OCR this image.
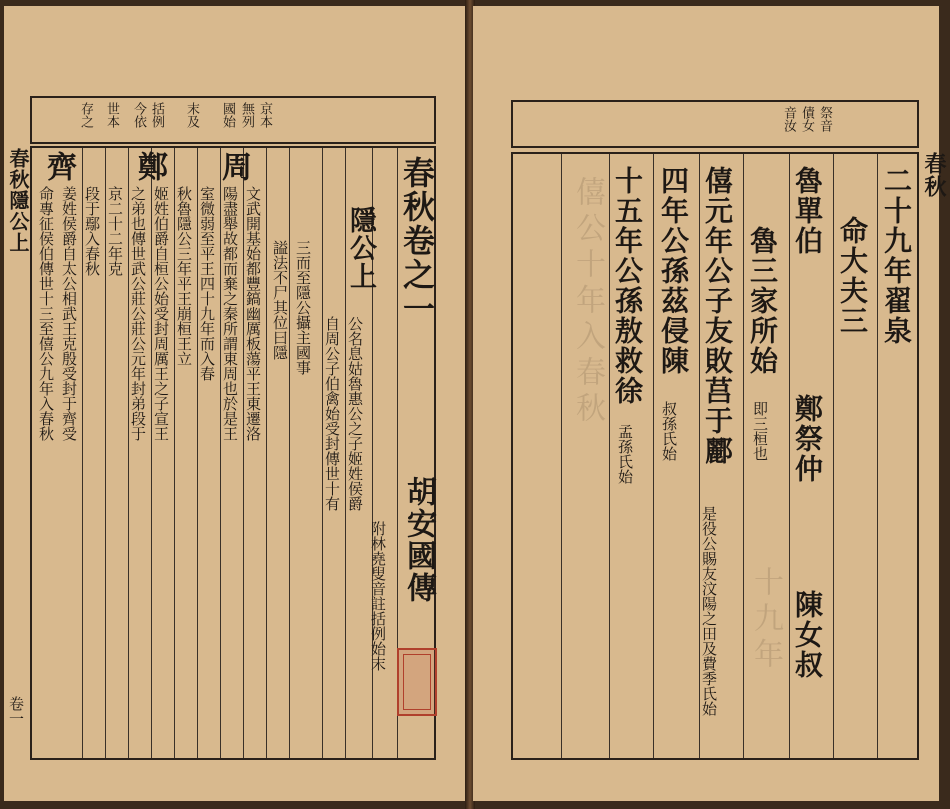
京本
無列
國始
末及
括例
今依
世本
存之
春秋隱公上
卷一
春秋卷之一
胡安國傳
附林堯叟音註括例始末
隱公上
公名息姑魯惠公之子姬姓侯爵
自周公子伯禽始受封傳世十有
三而至隱公攝主國事
謚法不尸其位曰隱
周
文武開基始都豐鎬幽厲板蕩平王東遷洛
陽盡舉故都而棄之秦所謂東周也於是王
室微弱至平王四十九年而入春
秋魯隱公三年平王崩桓王立
鄭
姬姓伯爵自桓公始受封周厲王之子宣王
之弟也傳世武公莊公莊公元年封弟段于
京二十二年克
段于鄢入春秋
齊
姜姓侯爵自太公相武王克殷受封于齊受
命專征侯伯傳世十三至僖公九年入春秋
祭音
債女
音汝
僖公十年入春秋
十九年
春秋
二十九年翟泉
命大夫三
魯單伯
鄭祭仲
陳女叔
魯三家所始
即三桓也
僖元年公子友敗莒于酈
是役公賜友汶陽之田及費季氏始
四年公孫茲侵陳
叔孫氏始
十五年公孫敖救徐
孟孫氏始
